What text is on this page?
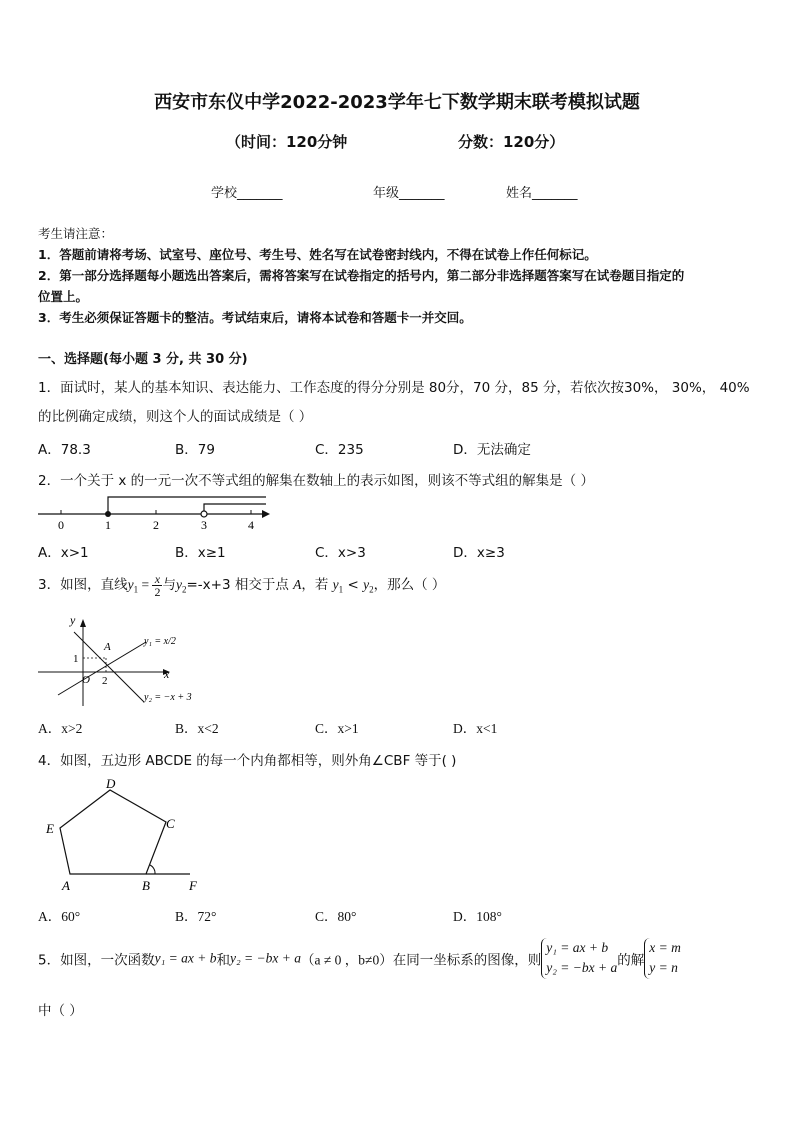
西安市东仪中学2022-2023学年七下数学期末联考模拟试题
（时间：120分钟	分数：120分）
学校_______	年级_______	姓名_______
考生请注意：
1．答题前请将考场、试室号、座位号、考生号、姓名写在试卷密封线内，不得在试卷上作任何标记。
2．第一部分选择题每小题选出答案后，需将答案写在试卷指定的括号内，第二部分非选择题答案写在试卷题目指定的
位置上。
3．考生必须保证答题卡的整洁。考试结束后，请将本试卷和答题卡一并交回。
一、选择题(每小题 3 分, 共 30 分)
1．面试时，某人的基本知识、表达能力、工作态度的得分分别是 80分，70 分，85 分，若依次按30%， 30%， 40%
的比例确定成绩，则这个人的面试成绩是（ ）
A．78.3	B．79	C．235	D．无法确定
2．一个关于 x 的一元一次不等式组的解集在数轴上的表示如图，则该不等式组的解集是（ ）
0	1	2	3	4
A．x>1	B．x≥1	C．x>3	D．x≥3
3．如图，直线$y_1 = \frac{x}{2}$ 与$y_2=-x+3$ 相交于点 A，若 $y_1 < y_2$，那么（ ）
y
x
O
A
1
2
y₁ = x/2
y₂ = −x + 3
A．x>2	B．x<2	C．x>1	D．x<1
4．如图，五边形 ABCDE 的每一个内角都相等，则外角∠CBF 等于( )
A	B
C
D
E
F
A．60°	B．72°	C．80°	D．108°
5．如图，一次函数y₁ = ax + b和y₂ = −bx + a（a ≠ 0 ，b≠0）在同一坐标系的图像，则
y₁ = ax + b
y₂ = −bx + a 的解
x = m
y = n
中（ ）
